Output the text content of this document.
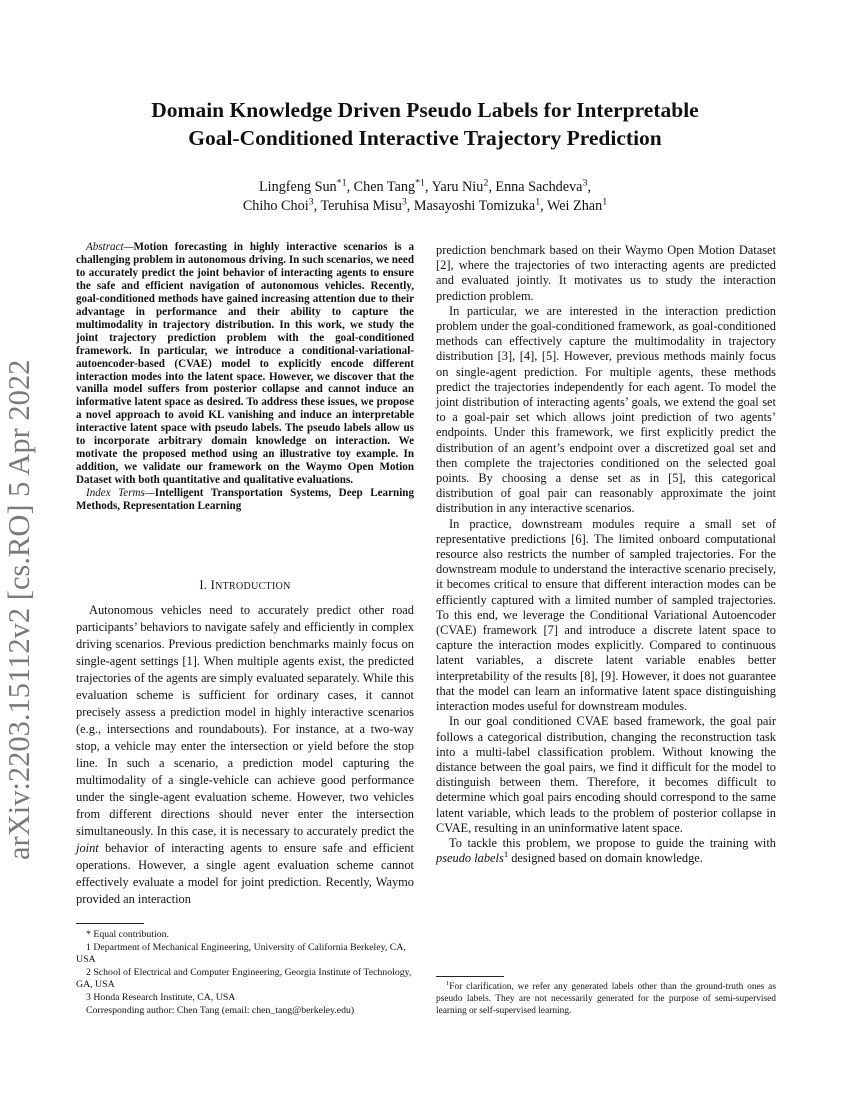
arXiv:2203.15112v2 [cs.RO] 5 Apr 2022
Domain Knowledge Driven Pseudo Labels for Interpretable
Goal-Conditioned Interactive Trajectory Prediction
Lingfeng Sun$^{*1}$, Chen Tang$^{*1}$, Yaru Niu$^2$, Enna Sachdeva$^3$,
Chiho Choi$^3$, Teruhisa Misu$^3$, Masayoshi Tomizuka$^1$, Wei Zhan$^1$

Abstract—Motion forecasting in highly interactive scenarios is a challenging problem in autonomous driving. In such scenarios, we need to accurately predict the joint behavior of interacting agents to ensure the safe and efficient navigation of autonomous vehicles. Recently, goal-conditioned methods have gained increasing attention due to their advantage in performance and their ability to capture the multimodality in trajectory distribution. In this work, we study the joint trajectory prediction problem with the goal-conditioned framework. In particular, we introduce a conditional-variational-autoencoder-based (CVAE) model to explicitly encode different interaction modes into the latent space. However, we discover that the vanilla model suffers from posterior collapse and cannot induce an informative latent space as desired. To address these issues, we propose a novel approach to avoid KL vanishing and induce an interpretable interactive latent space with pseudo labels. The pseudo labels allow us to incorporate arbitrary domain knowledge on interaction. We motivate the proposed method using an illustrative toy example. In addition, we validate our framework on the Waymo Open Motion Dataset with both quantitative and qualitative evaluations.

Index Terms—Intelligent Transportation Systems, Deep Learning Methods, Representation Learning

I. INTRODUCTION

Autonomous vehicles need to accurately predict other road participants’ behaviors to navigate safely and efficiently in complex driving scenarios. Previous prediction benchmarks mainly focus on single-agent settings [1]. When multiple agents exist, the predicted trajectories of the agents are simply evaluated separately. While this evaluation scheme is sufficient for ordinary cases, it cannot precisely assess a prediction model in highly interactive scenarios (e.g., intersections and roundabouts). For instance, at a two-way stop, a vehicle may enter the intersection or yield before the stop line. In such a scenario, a prediction model capturing the multimodality of a single-vehicle can achieve good performance under the single-agent evaluation scheme. However, two vehicles from different directions should never enter the intersection simultaneously. In this case, it is necessary to accurately predict the joint behavior of interacting agents to ensure safe and efficient operations. However, a single agent evaluation scheme cannot effectively evaluate a model for joint prediction. Recently, Waymo provided an interaction

* Equal contribution.
1 Department of Mechanical Engineering, University of California Berkeley, CA, USA
2 School of Electrical and Computer Engineering, Georgia Institute of Technology, GA, USA
3 Honda Research Institute, CA, USA
Corresponding author: Chen Tang (email: chen_tang@berkeley.edu)

prediction benchmark based on their Waymo Open Motion Dataset [2], where the trajectories of two interacting agents are predicted and evaluated jointly. It motivates us to study the interaction prediction problem.

In particular, we are interested in the interaction prediction problem under the goal-conditioned framework, as goal-conditioned methods can effectively capture the multimodality in trajectory distribution [3], [4], [5]. However, previous methods mainly focus on single-agent prediction. For multiple agents, these methods predict the trajectories independently for each agent. To model the joint distribution of interacting agents’ goals, we extend the goal set to a goal-pair set which allows joint prediction of two agents’ endpoints. Under this framework, we first explicitly predict the distribution of an agent’s endpoint over a discretized goal set and then complete the trajectories conditioned on the selected goal points. By choosing a dense set as in [5], this categorical distribution of goal pair can reasonably approximate the joint distribution in any interactive scenarios.

In practice, downstream modules require a small set of representative predictions [6]. The limited onboard computational resource also restricts the number of sampled trajectories. For the downstream module to understand the interactive scenario precisely, it becomes critical to ensure that different interaction modes can be efficiently captured with a limited number of sampled trajectories. To this end, we leverage the Conditional Variational Autoencoder (CVAE) framework [7] and introduce a discrete latent space to capture the interaction modes explicitly. Compared to continuous latent variables, a discrete latent variable enables better interpretability of the results [8], [9]. However, it does not guarantee that the model can learn an informative latent space distinguishing interaction modes useful for downstream modules.

In our goal conditioned CVAE based framework, the goal pair follows a categorical distribution, changing the reconstruction task into a multi-label classification problem. Without knowing the distance between the goal pairs, we find it difficult for the model to distinguish between them. Therefore, it becomes difficult to determine which goal pairs encoding should correspond to the same latent variable, which leads to the problem of posterior collapse in CVAE, resulting in an uninformative latent space.

To tackle this problem, we propose to guide the training with pseudo labels$^1$ designed based on domain knowledge.

$^1$For clarification, we refer any generated labels other than the ground-truth ones as pseudo labels. They are not necessarily generated for the purpose of semi-supervised learning or self-supervised learning.
